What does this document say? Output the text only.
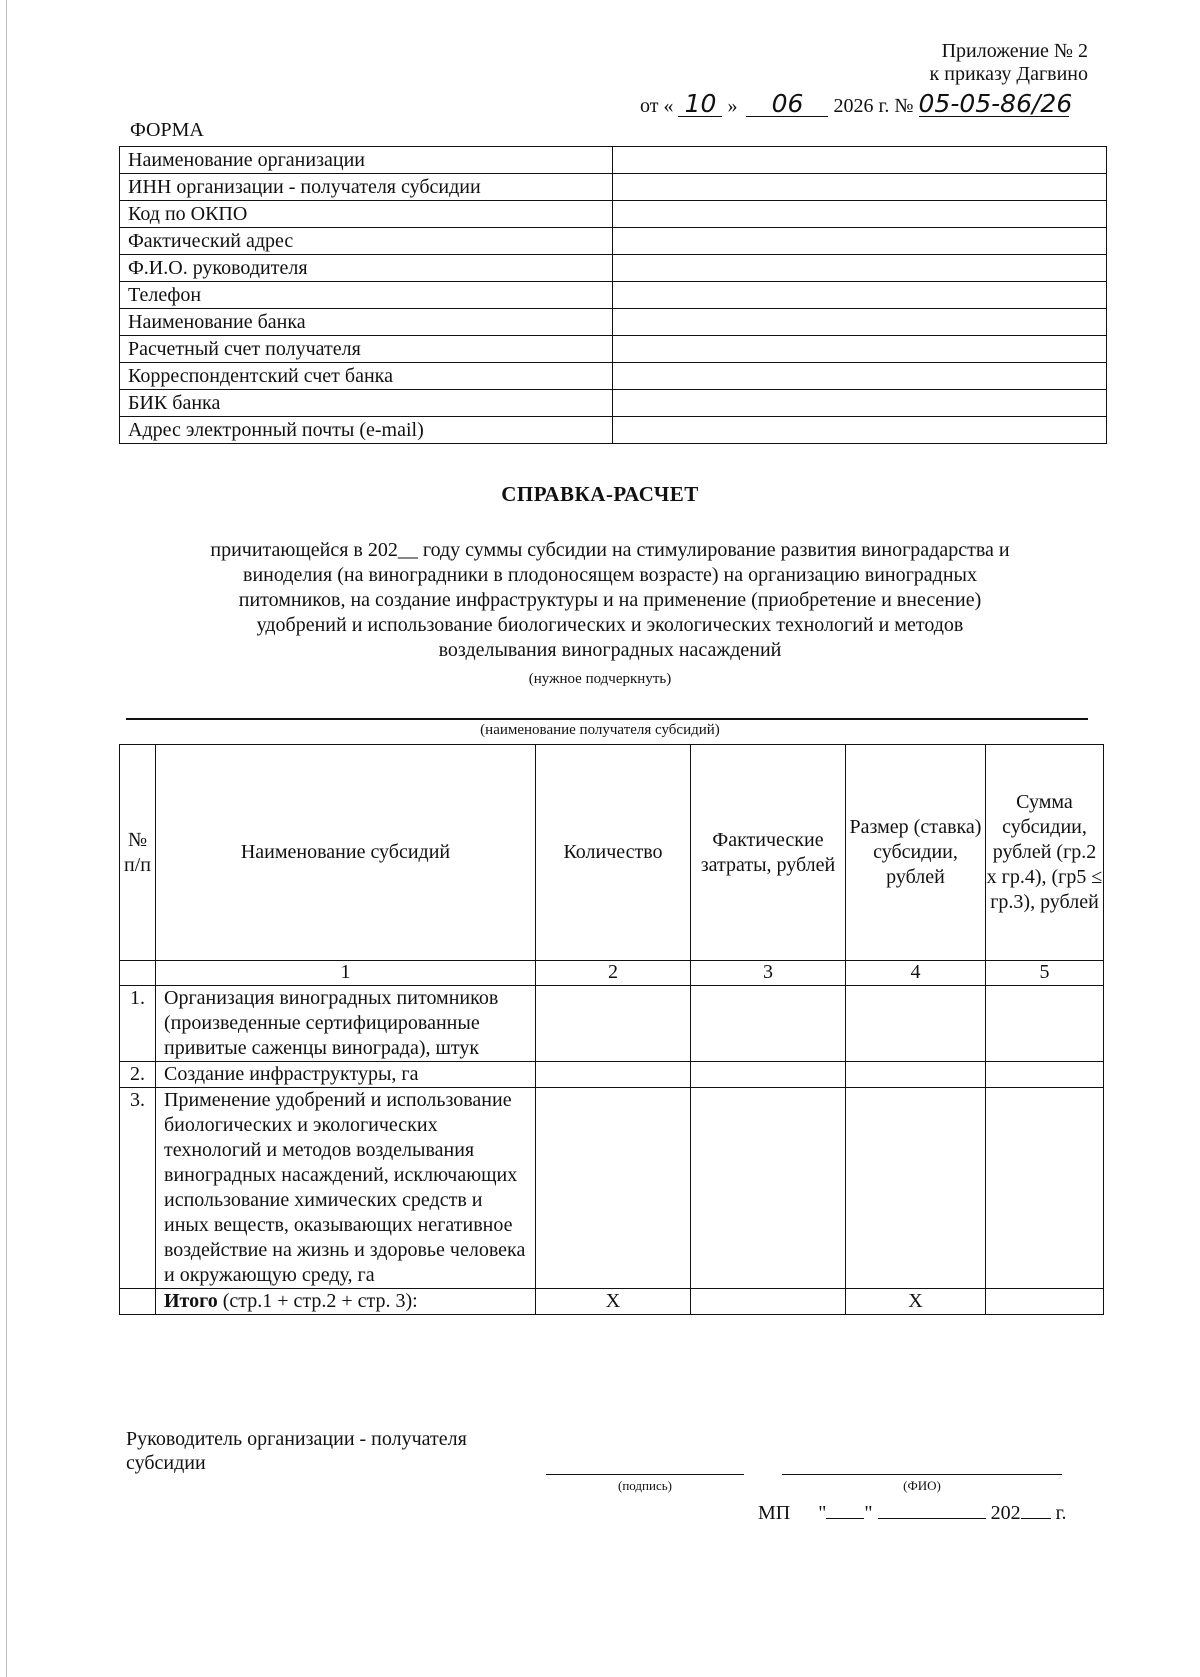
Приложение № 2
к приказу Дагвино
от « 10 » 06 2026 г. № 05-05-86/26
ФОРМА
Наименование организации	
ИНН организации - получателя субсидии	
Код по ОКПО	
Фактический адрес	
Ф.И.О. руководителя	
Телефон	
Наименование банка	
Расчетный счет получателя	
Корреспондентский счет банка	
БИК банка	
Адрес электронный почты (e-mail)	
СПРАВКА-РАСЧЕТ
причитающейся в 202__ году суммы субсидии на стимулирование развития виноградарства и
виноделия (на виноградники в плодоносящем возрасте) на организацию виноградных
питомников, на создание инфраструктуры и на применение (приобретение и внесение)
удобрений и использование биологических и экологических технологий и методов
возделывания виноградных насаждений
(нужное подчеркнуть)
(наименование получателя субсидий)
№ п/п	Наименование субсидий	Количество	Фактические затраты, рублей	Размер (ставка) субсидии, рублей	Сумма субсидии, рублей (гр.2 х гр.4), (гр5 ≤ гр.3), рублей
	1	2	3	4	5
1.	Организация виноградных питомников (произведенные сертифицированные привитые саженцы винограда), штук				
2.	Создание инфраструктуры, га				
3.	Применение удобрений и использование биологических и экологических технологий и методов возделывания виноградных насаждений, исключающих использование химических средств и иных веществ, оказывающих негативное воздействие на жизнь и здоровье человека и окружающую среду, га				
	Итого (стр.1 + стр.2 + стр. 3):	Х		Х	
Руководитель организации - получателя
субсидии
(подпись)	(ФИО)
МП " "	202 г.
